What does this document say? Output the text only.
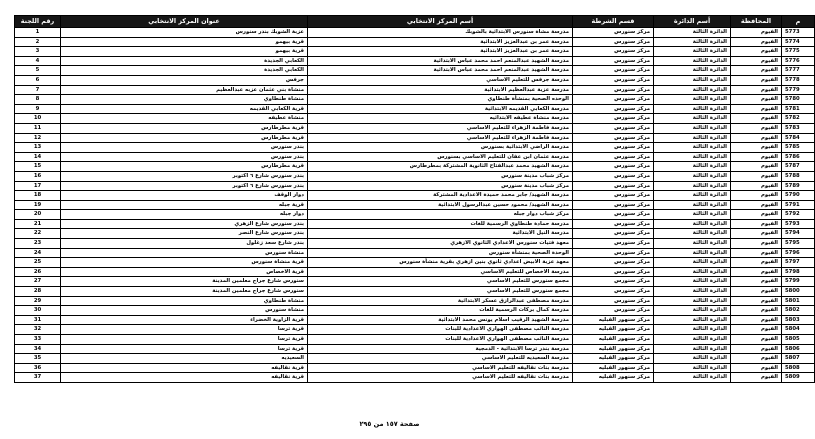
م	المحافظة	أسم الدائرة	قسم الشرطة	أسم المركز الانتخابي	عنوان المركز الانتخابي	رقم اللجنة
5773	الفيوم	الدائرة الثالثة	مركز سنورس	مدرسة مشاة سنورس الابتدائية بالشوبك	عزبة الشوبك بندر سنورس	1
5774	الفيوم	الدائرة الثالثة	مركز سنورس	مدرسة عمر بن عبدالعزيز الابتدائية	قرية بيهمو	2
5775	الفيوم	الدائرة الثالثة	مركز سنورس	مدرسة عمر بن عبدالعزيز الابتدائية	قرية بيهمو	3
5776	الفيوم	الدائرة الثالثة	مركز سنورس	مدرسة الشهيد عبدالمنعم احمد محمد عباس الابتدائية	الكعابي الجديدة	4
5777	الفيوم	الدائرة الثالثة	مركز سنورس	مدرسة الشهيد عبدالمنعم احمد محمد عباس الابتدائية	الكعابي الجديدة	5
5778	الفيوم	الدائرة الثالثة	مركز سنورس	مدرسة جرفس للتعليم الاساسي	جرفس	6
5779	الفيوم	الدائرة الثالثة	مركز سنورس	مدرسة عزبة عبدالعظيم الابتدائية	منشاة بني عثمان عزبه عبدالعظيم	7
5780	الفيوم	الدائرة الثالثة	مركز سنورس	الوحده الصحية بمنشأة طنطاوي	منشاة طنطاوي	8
5781	الفيوم	الدائرة الثالثة	مركز سنورس	مدرسة الكعابي القديمه الابتدائية	قرية الكعابي القديمه	9
5782	الفيوم	الدائرة الثالثة	مركز سنورس	مدرسة منشاة عطيفه الابتدائيه	منشاة عطيفه	10
5783	الفيوم	الدائرة الثالثة	مركز سنورس	مدرسة فاطمة الزهراء للتعليم الاساسي	قرية مطرطارس	11
5784	الفيوم	الدائرة الثالثة	مركز سنورس	مدرسة فاطمة الزهراء للتعليم الاساسي	قرية مطرطارس	12
5785	الفيوم	الدائرة الثالثة	مركز سنورس	مدرسة الراضي الابتدائية بسنورس	بندر سنورس	13
5786	الفيوم	الدائرة الثالثة	مركز سنورس	مدرسة عثمان ابن عفان للتعليم الاساسي بسنورس	بندر سنورس	14
5787	الفيوم	الدائرة الثالثة	مركز سنورس	مدرسة الشهيد محمد عبدالفتاح الثانوية المشتركة بمطرطارس	قرية مطرطارس	15
5788	الفيوم	الدائرة الثالثة	مركز سنورس	مركز شباب مدينة سنورس	بندر سنورس شارع ٦ اكتوبر	16
5789	الفيوم	الدائرة الثالثة	مركز سنورس	مركز شباب مدينة سنورس	بندر سنورس شارع ٦ اكتوبر	17
5790	الفيوم	الدائرة الثالثة	مركز سنورس	مدرسة الشهيد/ جابر محمد حميدة الاعدادية المشتركة	دوار الوقف	18
5791	الفيوم	الدائرة الثالثة	مركز سنورس	مدرسة الشهيد/ محمود حسين عبدالرسول الابتدائية	قرية جبله	19
5792	الفيوم	الدائرة الثالثة	مركز سنورس	مركز شباب دوار جبله	دوار جبله	20
5793	الفيوم	الدائرة الثالثة	مركز سنورس	مدرسة حمادة طنطاوي الرسمية للغات	بندر سنورس شارع الزهري	21
5794	الفيوم	الدائرة الثالثة	مركز سنورس	مدرسة النيل الابتدائية	بندر سنورس شارع النصر	22
5795	الفيوم	الدائرة الثالثة	مركز سنورس	معهد فتيات سنورس الاعدادي الثانوي الازهري	بندر شارع سعد زغلول	23
5796	الفيوم	الدائرة الثالثة	مركز سنورس	الوحدة الصحية بمنشأة سنورس	منشاة سنورس	24
5797	الفيوم	الدائرة الثالثة	مركز سنورس	معهد عزبة الابيض اعدادي ثانوي بنين ازهري بقرية منشأة سنورس	قرية منشاة سنورس	25
5798	الفيوم	الدائرة الثالثة	مركز سنورس	مدرسة الاخصاص للتعليم الاساسي	قرية الاخصاص	26
5799	الفيوم	الدائرة الثالثة	مركز سنورس	مجمع سنورس للتعليم الاساسي	سنورس شارع جراج معلمين المدينة	27
5800	الفيوم	الدائرة الثالثة	مركز سنورس	مجمع سنورس للتعليم الاساسي	سنورس شارع جراج معلمين المدينة	28
5801	الفيوم	الدائرة الثالثة	مركز سنورس	مدرسة مصطفى عبدالرازق عسكر الابتدائية	منشاة طنطاوي	29
5802	الفيوم	الدائرة الثالثة	مركز سنورس	مدرسة كمال بركات الرسمية للغات	منشاة سنورس	30
5803	الفيوم	الدائرة الثالثة	مركز سنهور القبليه	مدرسة الشهيد الرقيب اسلام يونس محمد الابتدائية	قرية الزاوية الخضراء	31
5804	الفيوم	الدائرة الثالثة	مركز سنهور القبليه	مدرسة النائب مصطفى الهواري الاعدادية للبنات	قرية ترسا	32
5805	الفيوم	الدائرة الثالثة	مركز سنهور القبليه	مدرسة النائب مصطفى الهواري الاعدادية للبنات	قرية ترسا	33
5806	الفيوم	الدائرة الثالثة	مركز سنهور القبليه	مدرسة بندر ترسا الابتدائية - الدمجية	قرية ترسا	34
5807	الفيوم	الدائرة الثالثة	مركز سنهور القبليه	مدرسة السعيديه للتعليم الاساسي	السعيديه	35
5808	الفيوم	الدائرة الثالثة	مركز سنهور القبليه	مدرسة بنات نقاليفه للتعليم الاساسي	قرية نقاليفه	36
5809	الفيوم	الدائرة الثالثة	مركز سنهور القبليه	مدرسة بنات نقاليفه للتعليم الاساسي	قرية نقاليفه	37
صفحة ١٥٧ من ٢٩٥
